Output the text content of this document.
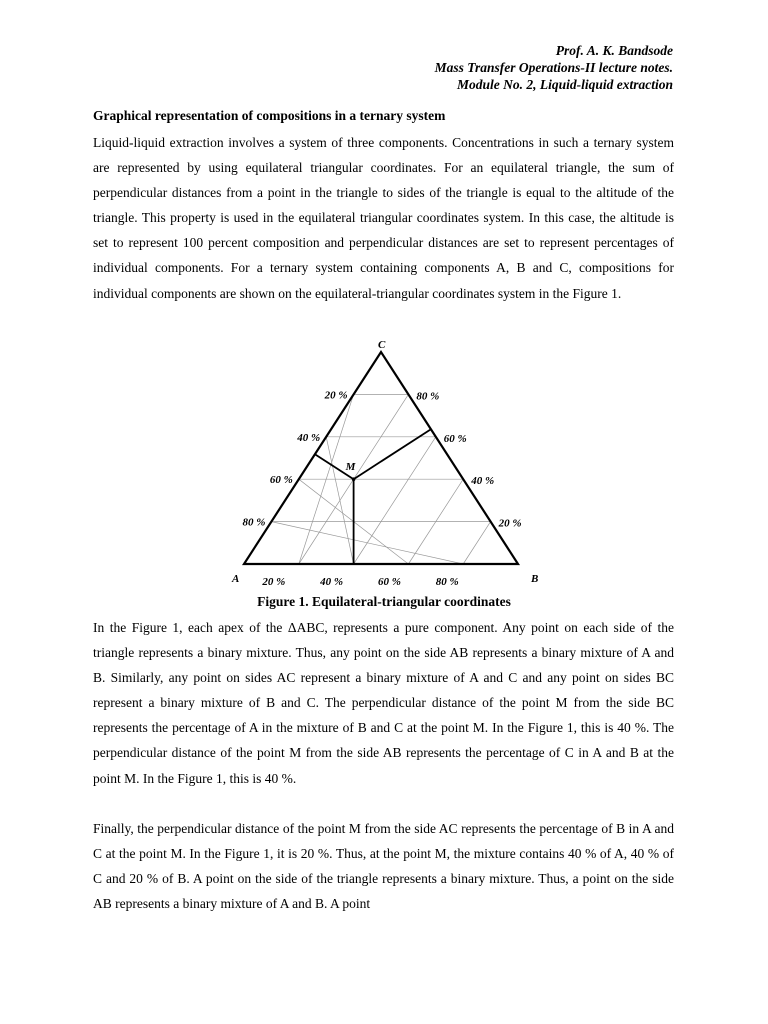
Prof. A. K. Bandsode
Mass Transfer Operations-II lecture notes.
Module No. 2, Liquid-liquid extraction
Graphical representation of compositions in a ternary system

Liquid-liquid extraction involves a system of three components. Concentrations in such a ternary system are represented by using equilateral triangular coordinates. For an equilateral triangle, the sum of perpendicular distances from a point in the triangle to sides of the triangle is equal to the altitude of the triangle. This property is used in the equilateral triangular coordinates system. In this case, the altitude is set to represent 100 percent composition and perpendicular distances are set to represent percentages of individual components. For a ternary system containing components A, B and C, compositions for individual components are shown on the equilateral-triangular coordinates system in the Figure 1.

A	B
C
M
20 %	40 %	60 %	80 %
20 %
40 %
60 %
80 %
80 %
60 %
40 %
20 %
Figure 1. Equilateral-triangular coordinates

In the Figure 1, each apex of the ΔABC, represents a pure component. Any point on each side of the triangle represents a binary mixture. Thus, any point on the side AB represents a binary mixture of A and B. Similarly, any point on sides AC represent a binary mixture of A and C and any point on sides BC represent a binary mixture of B and C. The perpendicular distance of the point M from the side BC represents the percentage of A in the mixture of B and C at the point M. In the Figure 1, this is 40 %. The perpendicular distance of the point M from the side AB represents the percentage of C in A and B at the point M. In the Figure 1, this is 40 %.

Finally, the perpendicular distance of the point M from the side AC represents the percentage of B in A and C at the point M. In the Figure 1, it is 20 %. Thus, at the point M, the mixture contains 40 % of A, 40 % of C and 20 % of B. A point on the side of the triangle represents a binary mixture. Thus, a point on the side AB represents a binary mixture of A and B. A point
